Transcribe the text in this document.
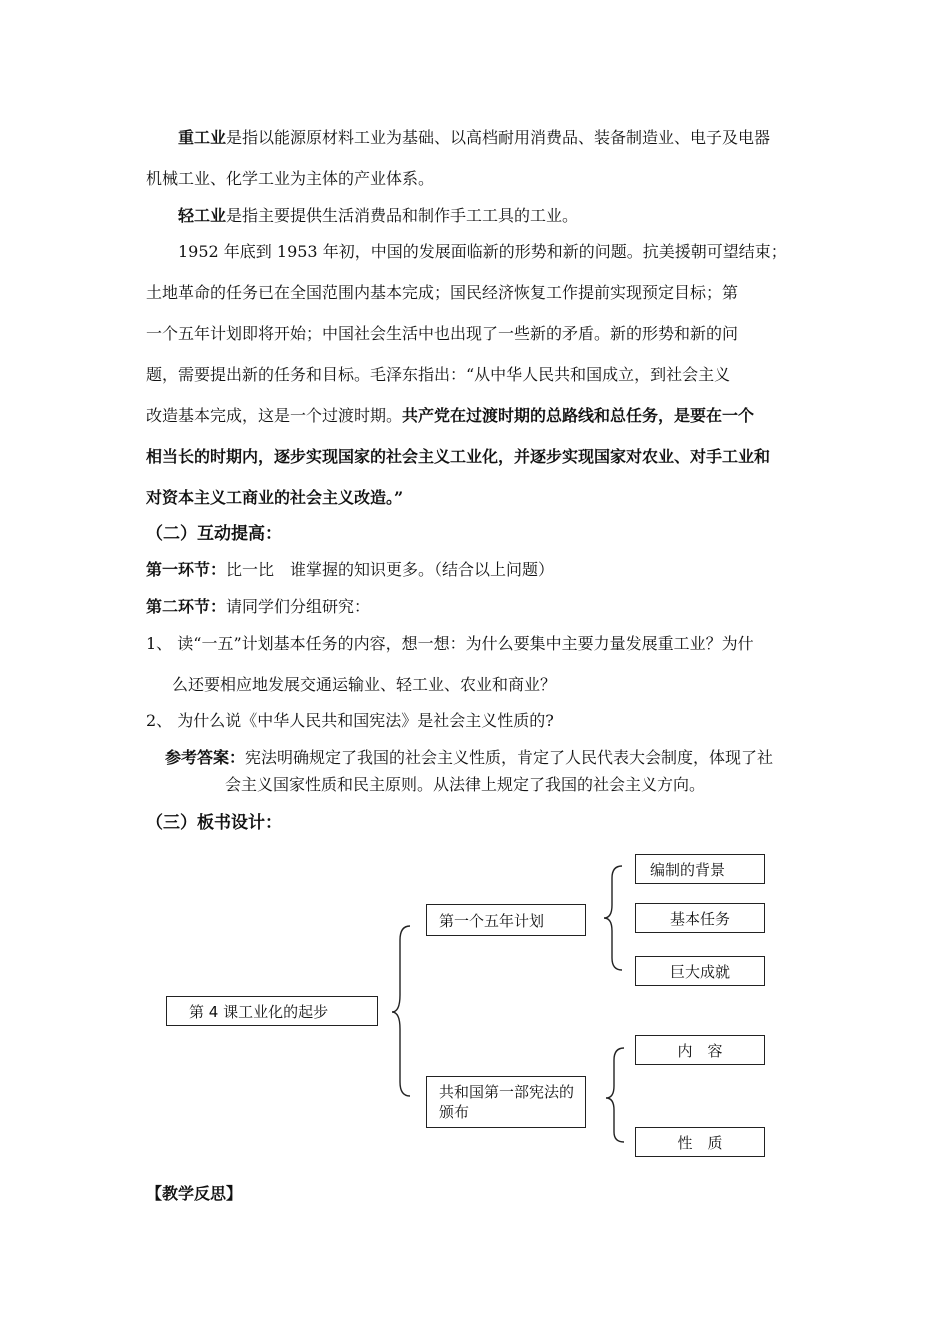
重工业是指以能源原材料工业为基础、以高档耐用消费品、装备制造业、电子及电器
机械工业、化学工业为主体的产业体系。
轻工业是指主要提供生活消费品和制作手工工具的工业。
1952 年底到 1953 年初，中国的发展面临新的形势和新的问题。抗美援朝可望结束；
土地革命的任务已在全国范围内基本完成；国民经济恢复工作提前实现预定目标；第
一个五年计划即将开始；中国社会生活中也出现了一些新的矛盾。新的形势和新的问
题，需要提出新的任务和目标。毛泽东指出：“从中华人民共和国成立，到社会主义
改造基本完成，这是一个过渡时期。共产党在过渡时期的总路线和总任务，是要在一个
相当长的时期内，逐步实现国家的社会主义工业化，并逐步实现国家对农业、对手工业和
对资本主义工商业的社会主义改造。”
（二）互动提高：
第一环节：比一比　谁掌握的知识更多。（结合以上问题）
第二环节：请同学们分组研究：
1、 读“一五”计划基本任务的内容，想一想：为什么要集中主要力量发展重工业？为什
么还要相应地发展交通运输业、轻工业、农业和商业？
2、 为什么说《中华人民共和国宪法》是社会主义性质的?
参考答案：宪法明确规定了我国的社会主义性质，肯定了人民代表大会制度，体现了社
会主义国家性质和民主原则。从法律上规定了我国的社会主义方向。
（三）板书设计：
第 4 课工业化的起步
第一个五年计划
共和国第一部宪法的颁布
编制的背景
基本任务
巨大成就
内　容
性　质
【教学反思】
